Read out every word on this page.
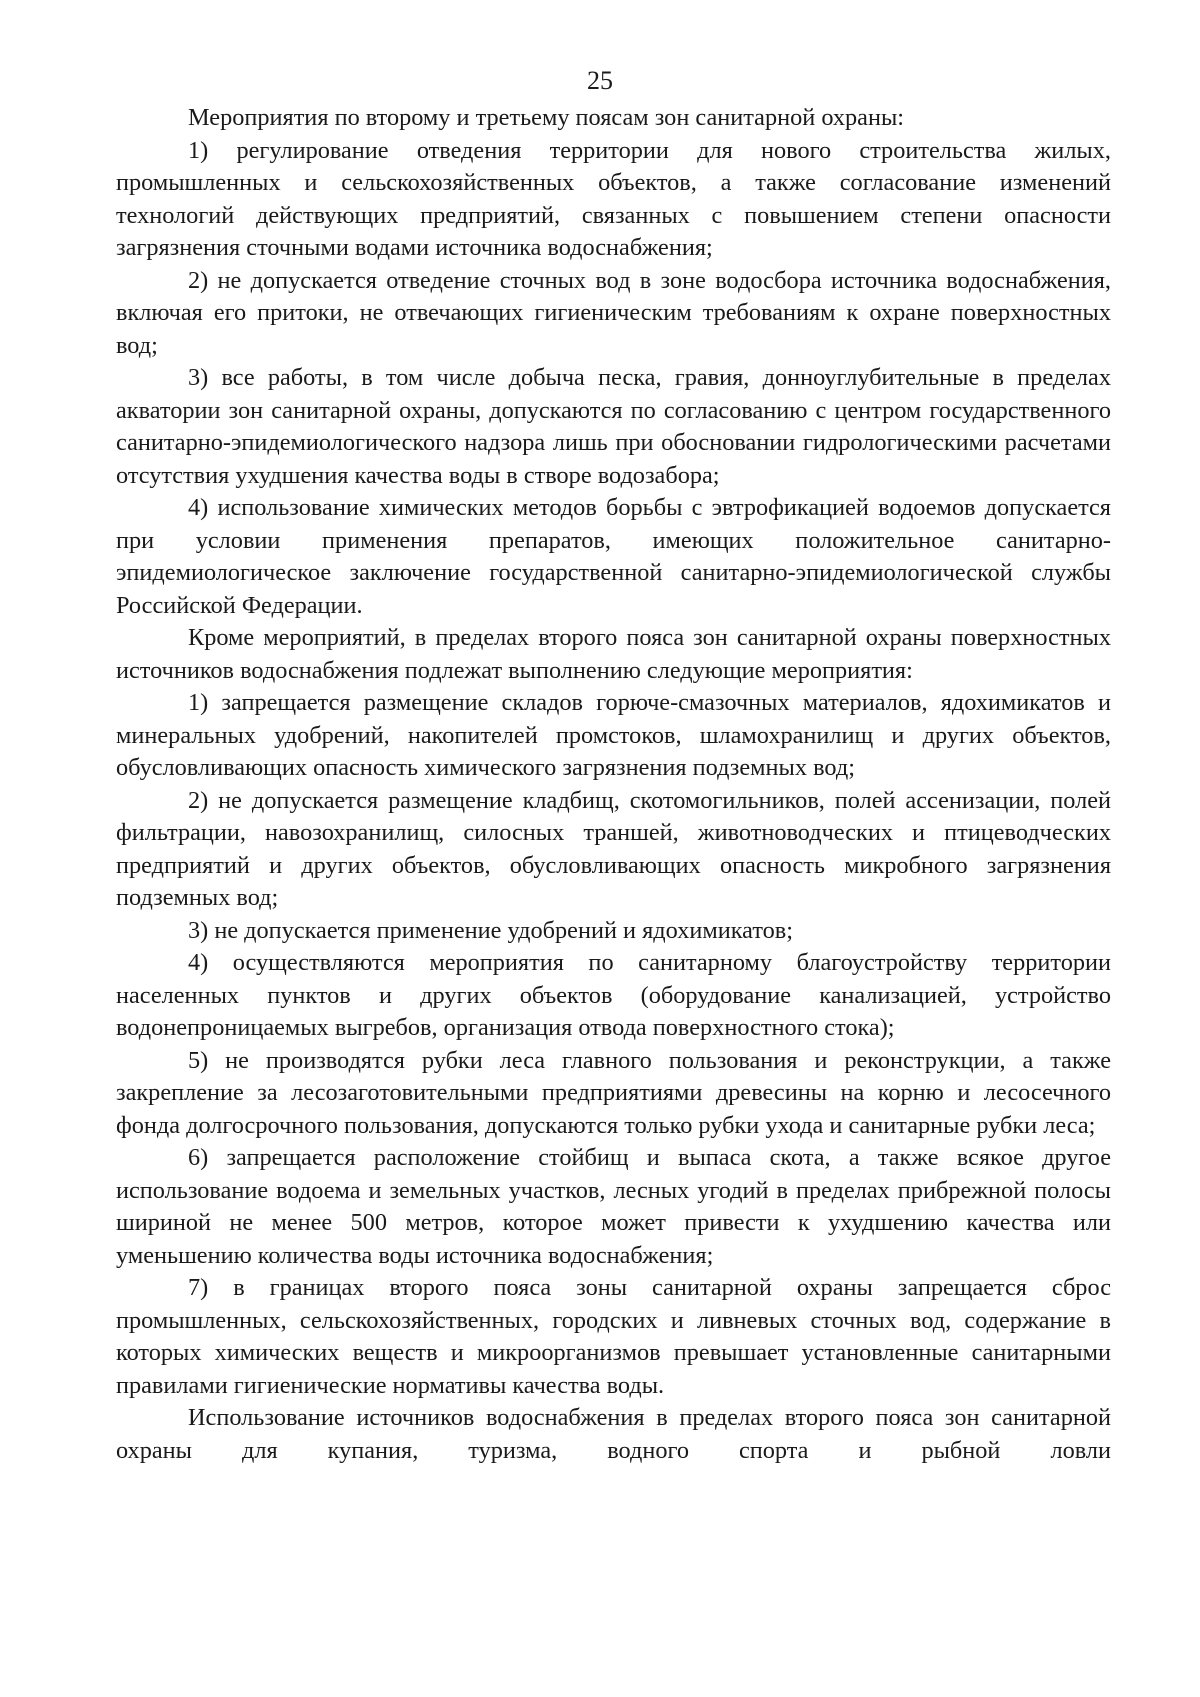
25

Мероприятия по второму и третьему поясам зон санитарной охраны:

1) регулирование отведения территории для нового строительства жилых, промышленных и сельскохозяйственных объектов, а также согласование изменений технологий действующих предприятий, связанных с повышением степени опасности загрязнения сточными водами источника водоснабжения;

2) не допускается отведение сточных вод в зоне водосбора источника водоснабжения, включая его притоки, не отвечающих гигиеническим требованиям к охране поверхностных вод;

3) все работы, в том числе добыча песка, гравия, донноуглубительные в пределах акватории зон санитарной охраны, допускаются по согласованию с центром государственного санитарно-эпидемиологического надзора лишь при обосновании гидрологическими расчетами отсутствия ухудшения качества воды в створе водозабора;

4) использование химических методов борьбы с эвтрофикацией водоемов допускается при условии применения препаратов, имеющих положительное санитарно-эпидемиологическое заключение государственной санитарно-эпидемиологической службы Российской Федерации.

Кроме мероприятий, в пределах второго пояса зон санитарной охраны поверхностных источников водоснабжения подлежат выполнению следующие мероприятия:

1) запрещается размещение складов горюче-смазочных материалов, ядохимикатов и минеральных удобрений, накопителей промстоков, шламохранилищ и других объектов, обусловливающих опасность химического загрязнения подземных вод;

2) не допускается размещение кладбищ, скотомогильников, полей ассенизации, полей фильтрации, навозохранилищ, силосных траншей, животноводческих и птицеводческих предприятий и других объектов, обусловливающих опасность микробного загрязнения подземных вод;

3) не допускается применение удобрений и ядохимикатов;

4) осуществляются мероприятия по санитарному благоустройству территории населенных пунктов и других объектов (оборудование канализацией, устройство водонепроницаемых выгребов, организация отвода поверхностного стока);

5) не производятся рубки леса главного пользования и реконструкции, а также закрепление за лесозаготовительными предприятиями древесины на корню и лесосечного фонда долгосрочного пользования, допускаются только рубки ухода и санитарные рубки леса;

6) запрещается расположение стойбищ и выпаса скота, а также всякое другое использование водоема и земельных участков, лесных угодий в пределах прибрежной полосы шириной не менее 500 метров, которое может привести к ухудшению качества или уменьшению количества воды источника водоснабжения;

7) в границах второго пояса зоны санитарной охраны запрещается сброс промышленных, сельскохозяйственных, городских и ливневых сточных вод, содержание в которых химических веществ и микроорганизмов превышает установленные санитарными правилами гигиенические нормативы качества воды.

Использование источников водоснабжения в пределах второго пояса зон санитарной охраны для купания, туризма, водного спорта и рыбной ловли
